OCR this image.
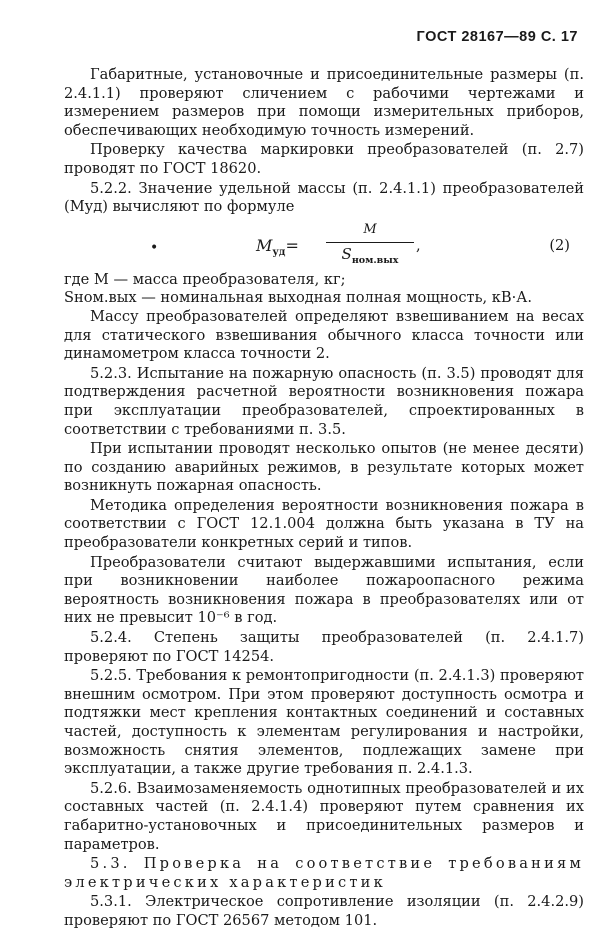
ГОСТ 28167—89 С. 17

Габаритные, установочные и присоединительные размеры (п. 2.4.1.1) проверяют сличением с рабочими чертежами и измерением размеров при помощи измерительных приборов, обеспечивающих необходимую точность измерений.

Проверку качества маркировки преобразователей (п. 2.7) проводят по ГОСТ 18620.

5.2.2. Значение удельной массы (п. 2.4.1.1) преобразователей (Mуд) вычисляют по формуле

•	$M_{уд}=$
M
$S_{ном.вых}$
,	(2)

где M — масса преобразователя, кг;

Sном.вых — номинальная выходная полная мощность, кВ·А.

Массу преобразователей определяют взвешиванием на весах для статического взвешивания обычного класса точности или динамометром класса точности 2.

5.2.3. Испытание на пожарную опасность (п. 3.5) проводят для подтверждения расчетной вероятности возникновения пожара при эксплуатации преобразователей, спроектированных в соответствии с требованиями п. 3.5.

При испытании проводят несколько опытов (не менее десяти) по созданию аварийных режимов, в результате которых может возникнуть пожарная опасность.

Методика определения вероятности возникновения пожара в соответствии с ГОСТ 12.1.004 должна быть указана в ТУ на преобразователи конкретных серий и типов.

Преобразователи считают выдержавшими испытания, если при возникновении наиболее пожароопасного режима вероятность возникновения пожара в преобразователях или от них не превысит 10⁻⁶ в год.

5.2.4. Степень защиты преобразователей (п. 2.4.1.7) проверяют по ГОСТ 14254.

5.2.5. Требования к ремонтопригодности (п. 2.4.1.3) проверяют внешним осмотром. При этом проверяют доступность осмотра и подтяжки мест крепления контактных соединений и составных частей, доступность к элементам регулирования и настройки, возможность снятия элементов, подлежащих замене при эксплуатации, а также другие требования п. 2.4.1.3.

5.2.6. Взаимозаменяемость однотипных преобразователей и их составных частей (п. 2.4.1.4) проверяют путем сравнения их габаритно-установочных и присоединительных размеров и параметров.

5.3. Проверка на соответствие требованиям электрических характеристик

5.3.1. Электрическое сопротивление изоляции (п. 2.4.2.9) проверяют по ГОСТ 26567 методом 101.
